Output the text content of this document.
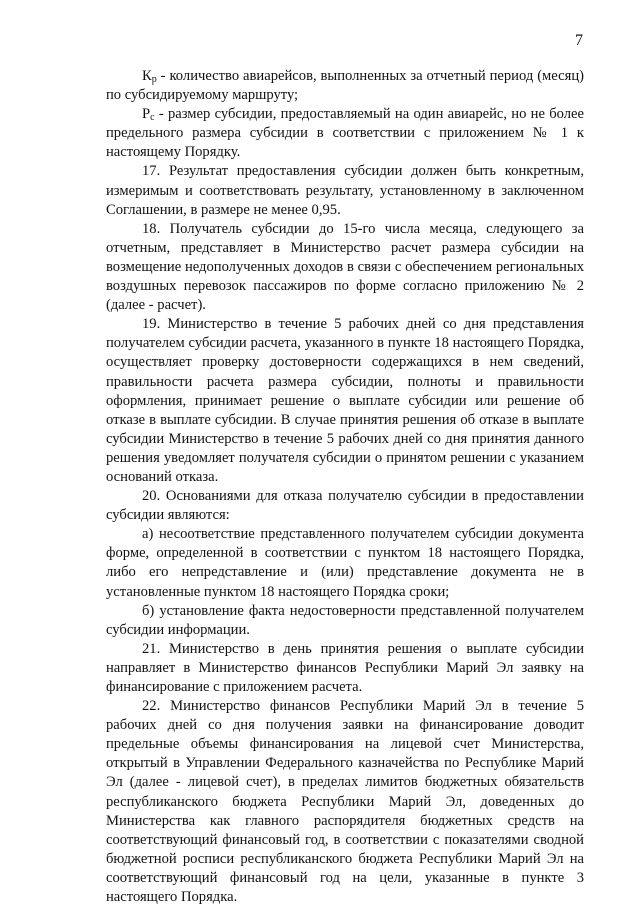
7

$К_р$ - количество авиарейсов, выполненных за отчетный период (месяц) по субсидируемому маршруту;

$Р_с$ - размер субсидии, предоставляемый на один авиарейс, но не более предельного размера субсидии в соответствии с приложением № 1 к настоящему Порядку.

17. Результат предоставления субсидии должен быть конкретным, измеримым и соответствовать результату, установленному в заключенном Соглашении, в размере не менее 0,95.

18. Получатель субсидии до 15-го числа месяца, следующего за отчетным, представляет в Министерство расчет размера субсидии на возмещение недополученных доходов в связи с обеспечением региональных воздушных перевозок пассажиров по форме согласно приложению № 2 (далее - расчет).

19. Министерство в течение 5 рабочих дней со дня представления получателем субсидии расчета, указанного в пункте 18 настоящего Порядка, осуществляет проверку достоверности содержащихся в нем сведений, правильности расчета размера субсидии, полноты и правильности оформления, принимает решение о выплате субсидии или решение об отказе в выплате субсидии. В случае принятия решения об отказе в выплате субсидии Министерство в течение 5 рабочих дней со дня принятия данного решения уведомляет получателя субсидии о принятом решении с указанием оснований отказа.

20. Основаниями для отказа получателю субсидии в предоставлении субсидии являются:

а) несоответствие представленного получателем субсидии документа форме, определенной в соответствии с пунктом 18 настоящего Порядка, либо его непредставление и (или) представление документа не в установленные пунктом 18 настоящего Порядка сроки;

б) установление факта недостоверности представленной получателем субсидии информации.

21. Министерство в день принятия решения о выплате субсидии направляет в Министерство финансов Республики Марий Эл заявку на финансирование с приложением расчета.

22. Министерство финансов Республики Марий Эл в течение 5 рабочих дней со дня получения заявки на финансирование доводит предельные объемы финансирования на лицевой счет Министерства, открытый в Управлении Федерального казначейства по Республике Марий Эл (далее - лицевой счет), в пределах лимитов бюджетных обязательств республиканского бюджета Республики Марий Эл, доведенных до Министерства как главного распорядителя бюджетных средств на соответствующий финансовый год, в соответствии с показателями сводной бюджетной росписи республиканского бюджета Республики Марий Эл на соответствующий финансовый год на цели, указанные в пункте 3 настоящего Порядка.
